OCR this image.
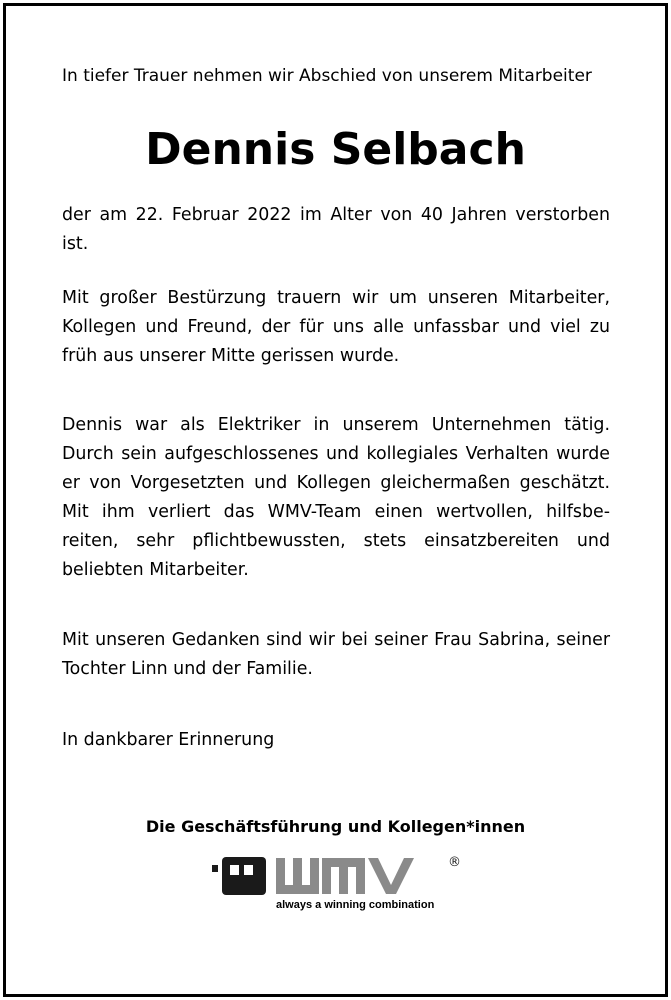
In tiefer Trauer nehmen wir Abschied von unserem Mitarbeiter
Dennis Selbach
der am 22. Februar 2022 im Alter von 40 Jahren verstorben ist.
Mit großer Bestürzung trauern wir um unseren Mitarbeiter, Kollegen und Freund, der für uns alle unfassbar und viel zu früh aus unserer Mitte gerissen wurde.
Dennis war als Elektriker in unserem Unternehmen tätig. Durch sein aufgeschlossenes und kollegiales Verhalten wurde er von Vorgesetzten und Kollegen gleichermaßen geschätzt. Mit ihm verliert das WMV-Team einen wertvollen, hilfsbe-reiten, sehr pflichtbewussten, stets einsatzbereiten und beliebten Mitarbeiter.
Mit unseren Gedanken sind wir bei seiner Frau Sabrina, seiner Tochter Linn und der Familie.
In dankbarer Erinnerung
Die Geschäftsführung und Kollegen*innen
®
always a winning combination
